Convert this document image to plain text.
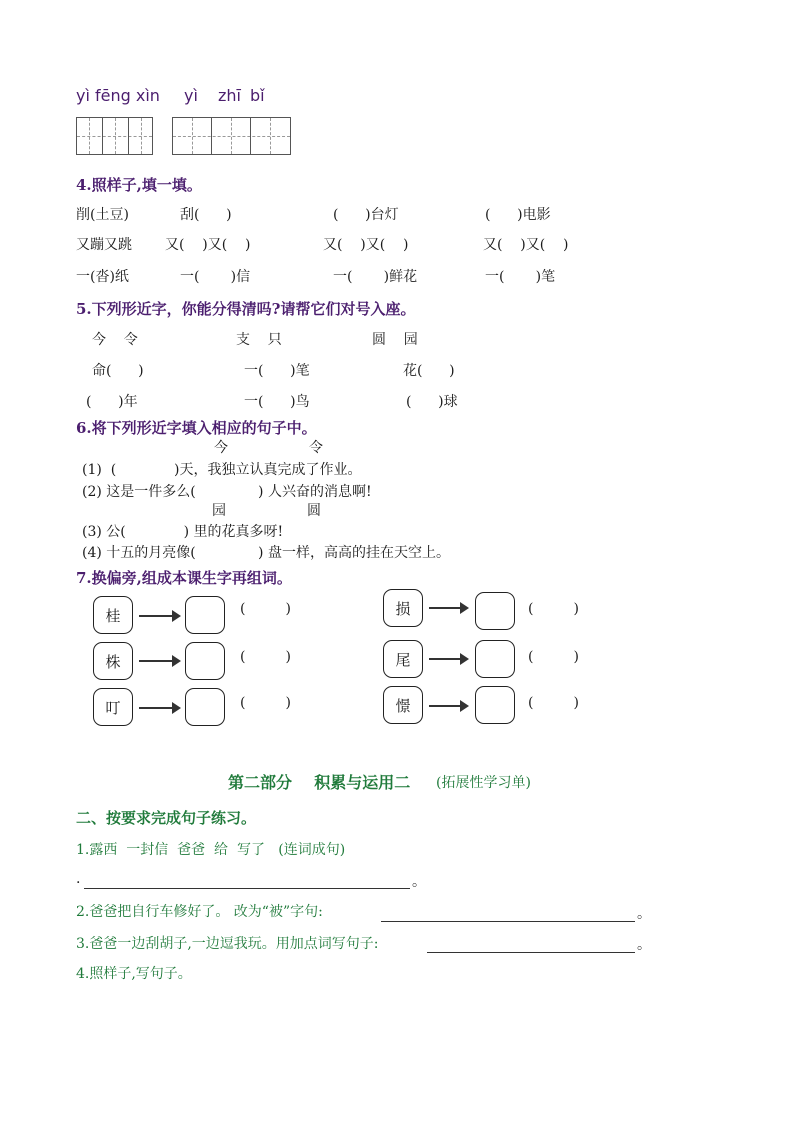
yì fēng xìn yì zhī bǐ
4.照样子,填一填。
削(土豆)	刮(      )	(      )台灯	(      )电影
又蹦又跳 又(    )又(    )	又(    )又(    )	又(    )又(    )
一(沓)纸	一(       )信	一(       )鲜花	一(       )笔
5.下列形近字，你能分得清吗?请帮它们对号入座。
今    令	支    只	圆    园
命(      )	一(      )笔	花(      )
(      )年	一(      )鸟	(      )球
6.将下列形近字填入相应的句子中。
今	令
(1)  (             )天，我独立认真完成了作业。
(2) 这是一件多么(              ) 人兴奋的消息啊!
园	圆
(3) 公(             ) 里的花真多呀!
(4) 十五的月亮像(              ) 盘一样，高高的挂在天空上。
7.换偏旁,组成本课生字再组词。
桂	(         )
株	(         )
叮	(         )
损	(         )
尾	(         )
憬	(         )
第二部分    积累与运用二 (拓展性学习单)
二、按要求完成句子练习。
1.露西  一封信  爸爸  给  写了   (连词成句)
.	。
2.爸爸把自行车修好了。 改为“被”字句:	。
3.爸爸一边刮胡子,一边逗我玩。用加点词写句子:	。
4.照样子,写句子。
